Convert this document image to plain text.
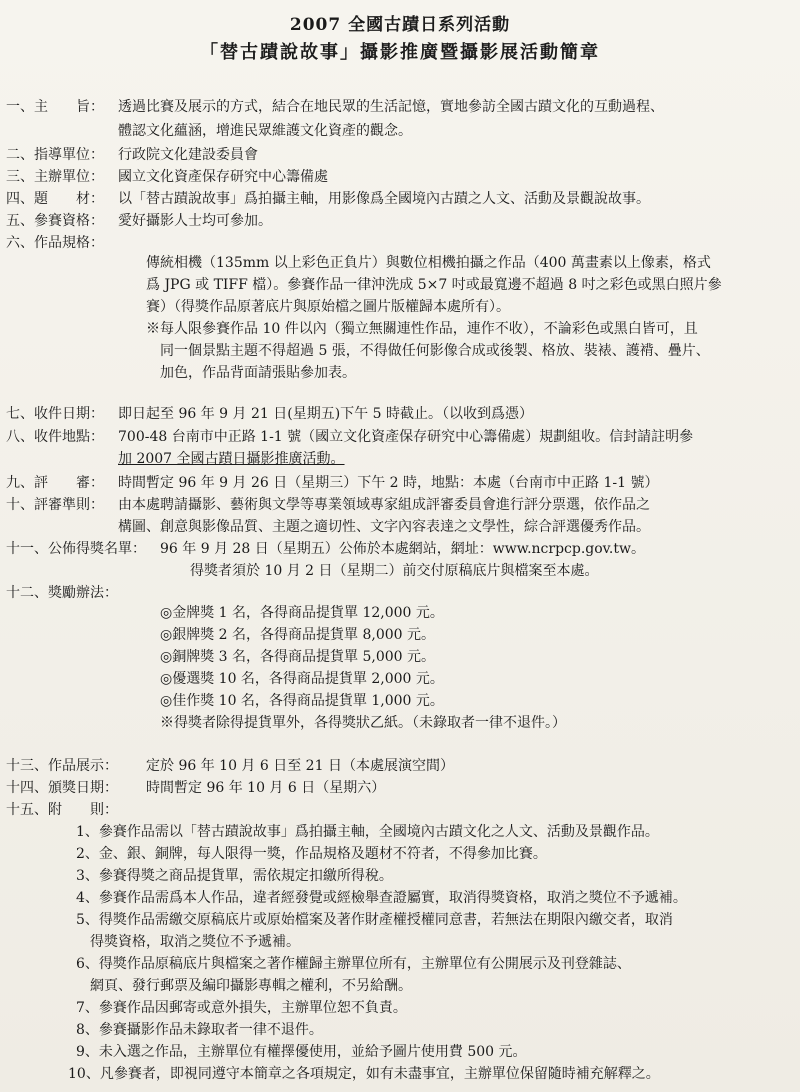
2007 全國古蹟日系列活動
「替古蹟說故事」攝影推廣暨攝影展活動簡章
一、主　　旨： 透過比賽及展示的方式，結合在地民眾的生活記憶，實地參訪全國古蹟文化的互動過程、
體認文化蘊涵，增進民眾維護文化資產的觀念。
二、指導單位： 行政院文化建設委員會
三、主辦單位： 國立文化資產保存研究中心籌備處
四、題　　材： 以「替古蹟說故事」爲拍攝主軸，用影像爲全國境內古蹟之人文、活動及景觀說故事。
五、參賽資格： 愛好攝影人士均可參加。
六、作品規格：
傳統相機（135mm 以上彩色正負片）與數位相機拍攝之作品（400 萬畫素以上像素，格式
爲 JPG 或 TIFF 檔）。參賽作品一律沖洗成 5×7 吋或最寬邊不超過 8 吋之彩色或黑白照片參
賽）（得獎作品原著底片與原始檔之圖片版權歸本處所有）。
※每人限參賽作品 10 件以內（獨立無關連性作品，連作不收），不論彩色或黑白皆可，且
同一個景點主題不得超過 5 張，不得做任何影像合成或後製、格放、裝裱、護褙、疊片、
加色，作品背面請張貼參加表。
七、收件日期： 即日起至 96 年 9 月 21 日(星期五)下午 5 時截止。（以收到爲憑）
八、收件地點： 700-48 台南市中正路 1-1 號（國立文化資產保存研究中心籌備處）規劃組收。信封請註明參
加 2007 全國古蹟日攝影推廣活動。
九、評　　審： 時間暫定 96 年 9 月 26 日（星期三）下午 2 時，地點：本處（台南市中正路 1-1 號）
十、評審準則： 由本處聘請攝影、藝術與文學等專業領域專家組成評審委員會進行評分票選，依作品之
構圖、創意與影像品質、主題之適切性、文字內容表達之文學性，綜合評選優秀作品。
十一、公佈得獎名單： 96 年 9 月 28 日（星期五）公佈於本處網站，網址：www.ncrpcp.gov.tw。
得獎者須於 10 月 2 日（星期二）前交付原稿底片與檔案至本處。
十二、獎勵辦法：
◎金牌獎 1 名，各得商品提貨單 12,000 元。
◎銀牌獎 2 名，各得商品提貨單 8,000 元。
◎銅牌獎 3 名，各得商品提貨單 5,000 元。
◎優選獎 10 名，各得商品提貨單 2,000 元。
◎佳作獎 10 名，各得商品提貨單 1,000 元。
※得獎者除得提貨單外，各得獎狀乙紙。（未錄取者一律不退件。）
十三、作品展示： 定於 96 年 10 月 6 日至 21 日（本處展演空間）
十四、頒獎日期： 時間暫定 96 年 10 月 6 日（星期六）
十五、附　　則：
1、參賽作品需以「替古蹟說故事」爲拍攝主軸，全國境內古蹟文化之人文、活動及景觀作品。
2、金、銀、銅牌，每人限得一獎，作品規格及題材不符者，不得參加比賽。
3、參賽得獎之商品提貨單，需依規定扣繳所得稅。
4、參賽作品需爲本人作品，違者經發覺或經檢舉查證屬實，取消得獎資格，取消之獎位不予遞補。
5、得獎作品需繳交原稿底片或原始檔案及著作財產權授權同意書，若無法在期限內繳交者，取消
得獎資格，取消之獎位不予遞補。
6、得獎作品原稿底片與檔案之著作權歸主辦單位所有，主辦單位有公開展示及刊登雜誌、
網頁、發行郵票及編印攝影專輯之權利，不另給酬。
7、參賽作品因郵寄或意外損失，主辦單位恕不負責。
8、參賽攝影作品未錄取者一律不退件。
9、未入選之作品，主辦單位有權擇優使用，並給予圖片使用費 500 元。
10、凡參賽者，即視同遵守本簡章之各項規定，如有未盡事宜，主辦單位保留隨時補充解釋之。
